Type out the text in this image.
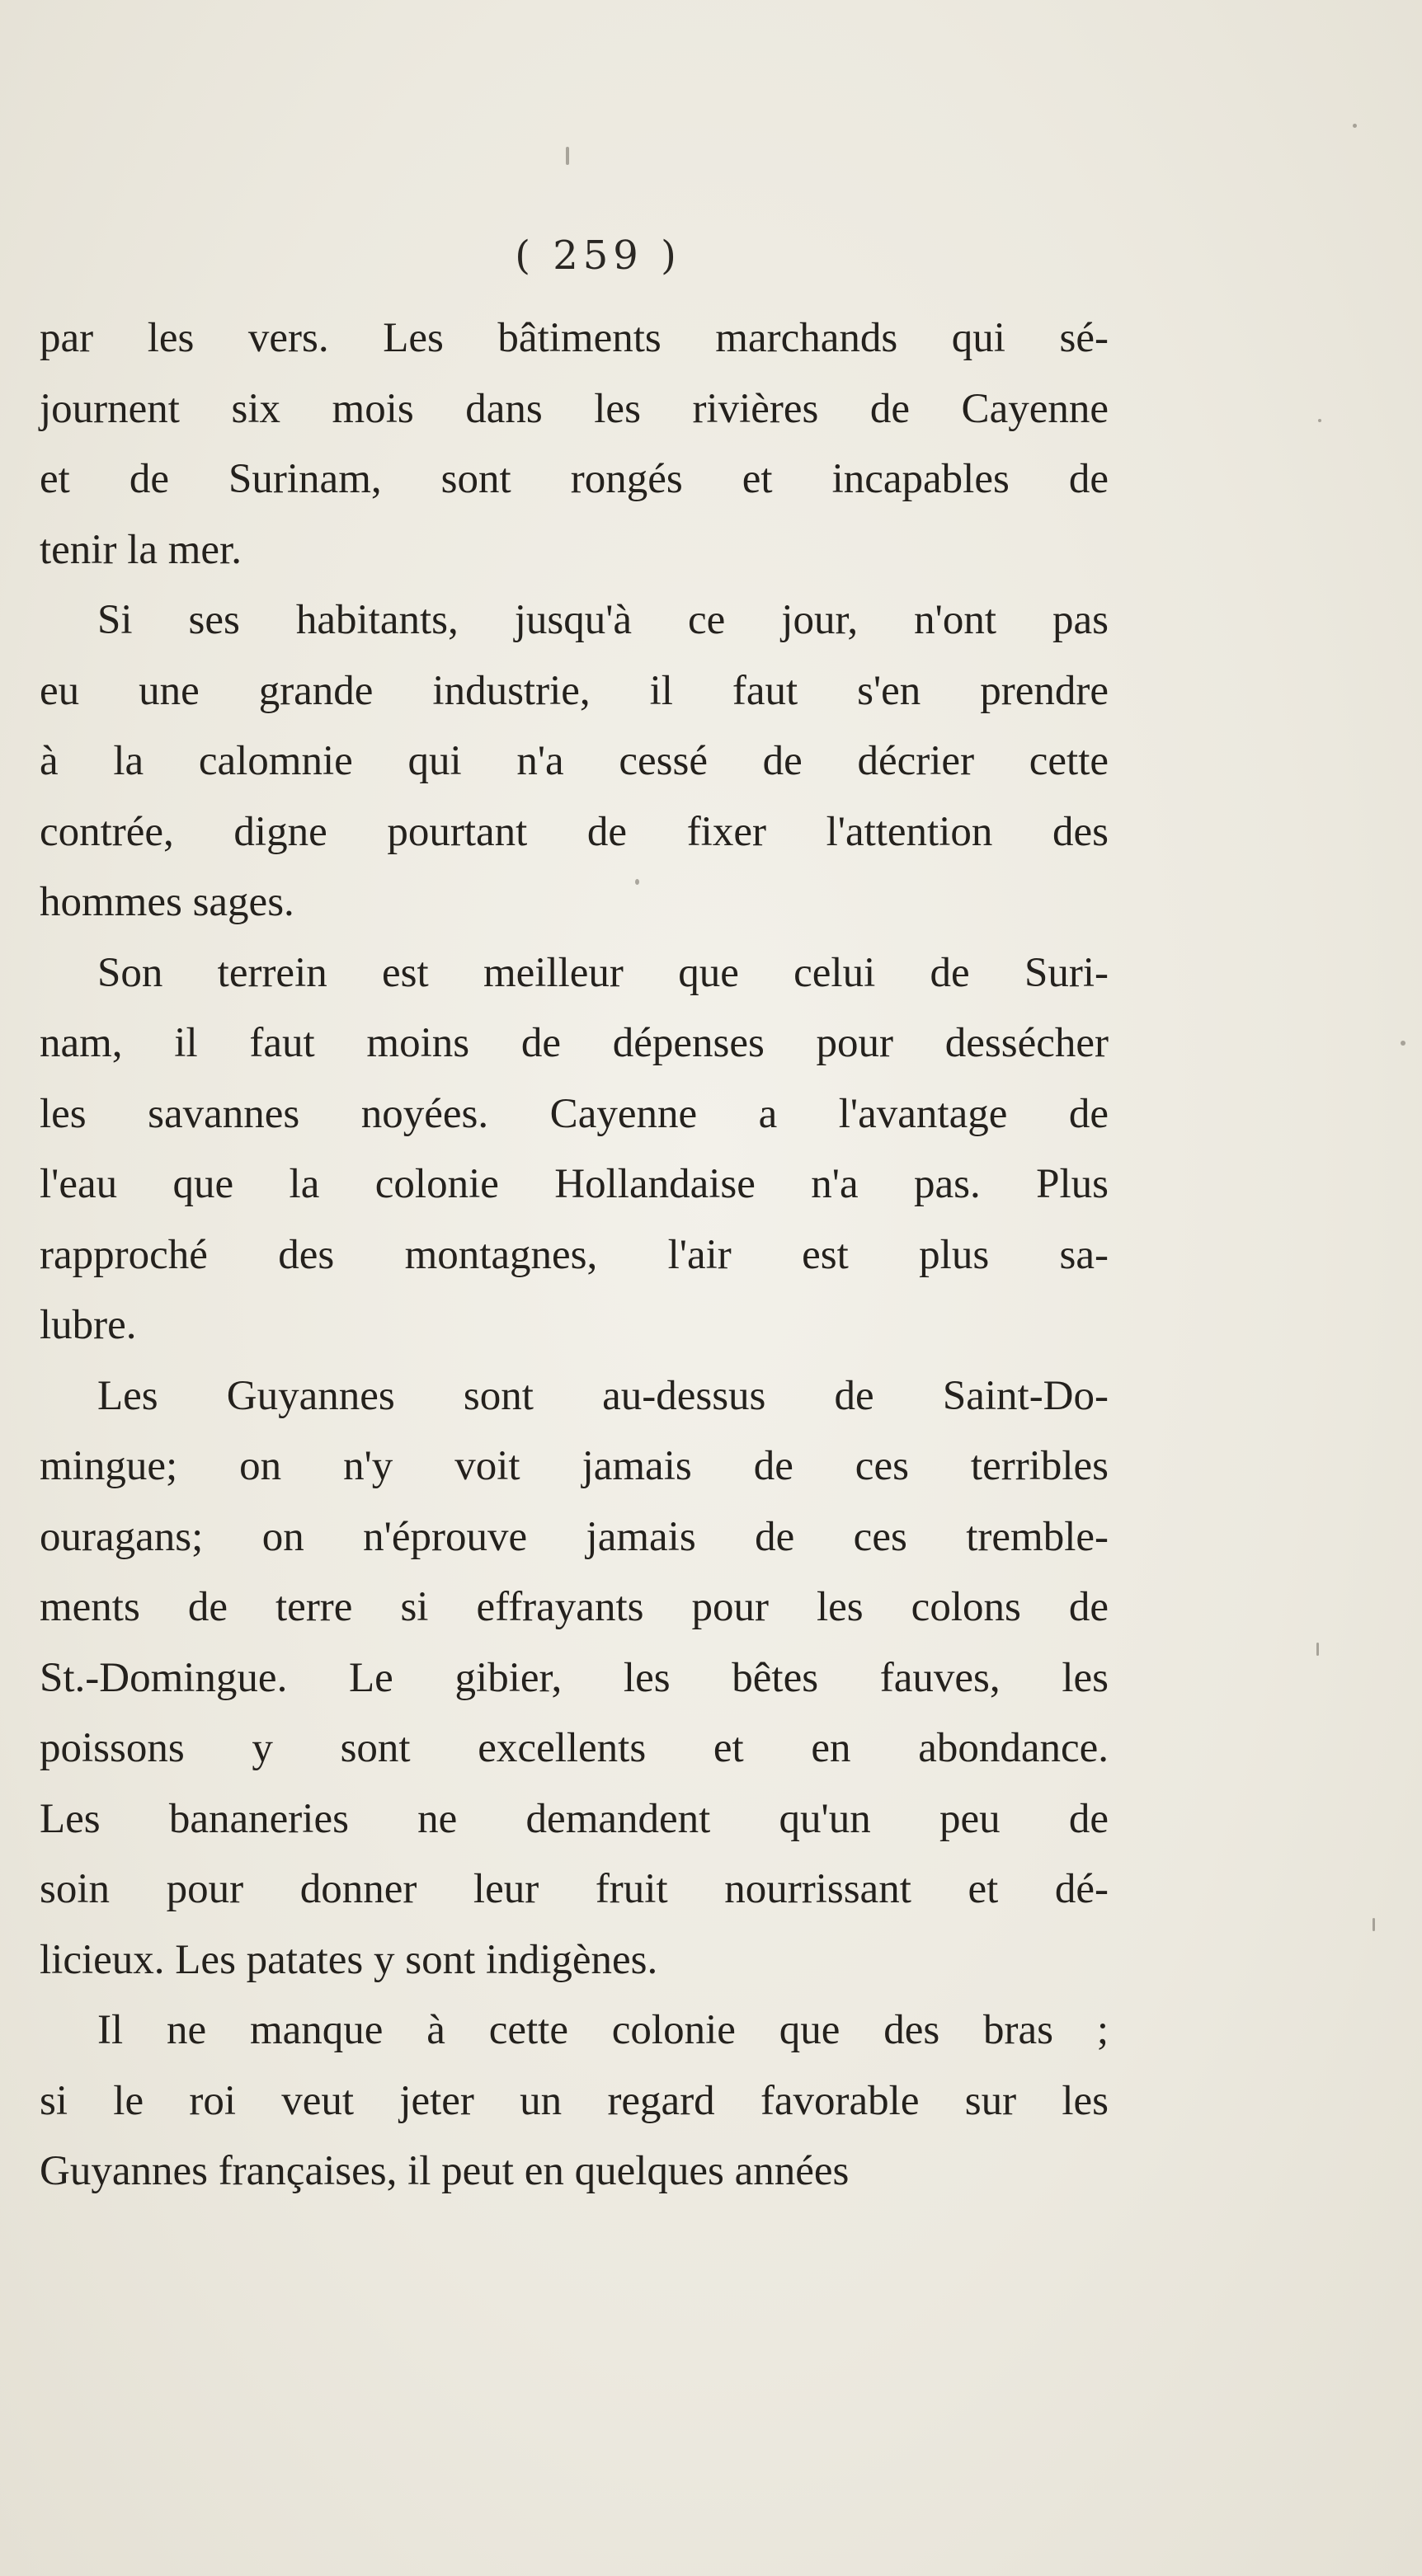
( 259 )
par les vers. Les bâtiments marchands qui sé-
journent six mois dans les rivières de Cayenne
et de Surinam, sont rongés et incapables de
tenir la mer.
Si ses habitants, jusqu'à ce jour, n'ont pas
eu une grande industrie, il faut s'en prendre
à la calomnie qui n'a cessé de décrier cette
contrée, digne pourtant de fixer l'attention des
hommes sages.
Son terrein est meilleur que celui de Suri-
nam, il faut moins de dépenses pour dessécher
les savannes noyées. Cayenne a l'avantage de
l'eau que la colonie Hollandaise n'a pas. Plus
rapproché des montagnes, l'air est plus sa-
lubre.
Les Guyannes sont au-dessus de Saint-Do-
mingue; on n'y voit jamais de ces terribles
ouragans; on n'éprouve jamais de ces tremble-
ments de terre si effrayants pour les colons de
St.-Domingue. Le gibier, les bêtes fauves, les
poissons y sont excellents et en abondance.
Les bananeries ne demandent qu'un peu de
soin pour donner leur fruit nourrissant et dé-
licieux. Les patates y sont indigènes.
Il ne manque à cette colonie que des bras ;
si le roi veut jeter un regard favorable sur les
Guyannes françaises, il peut en quelques années
